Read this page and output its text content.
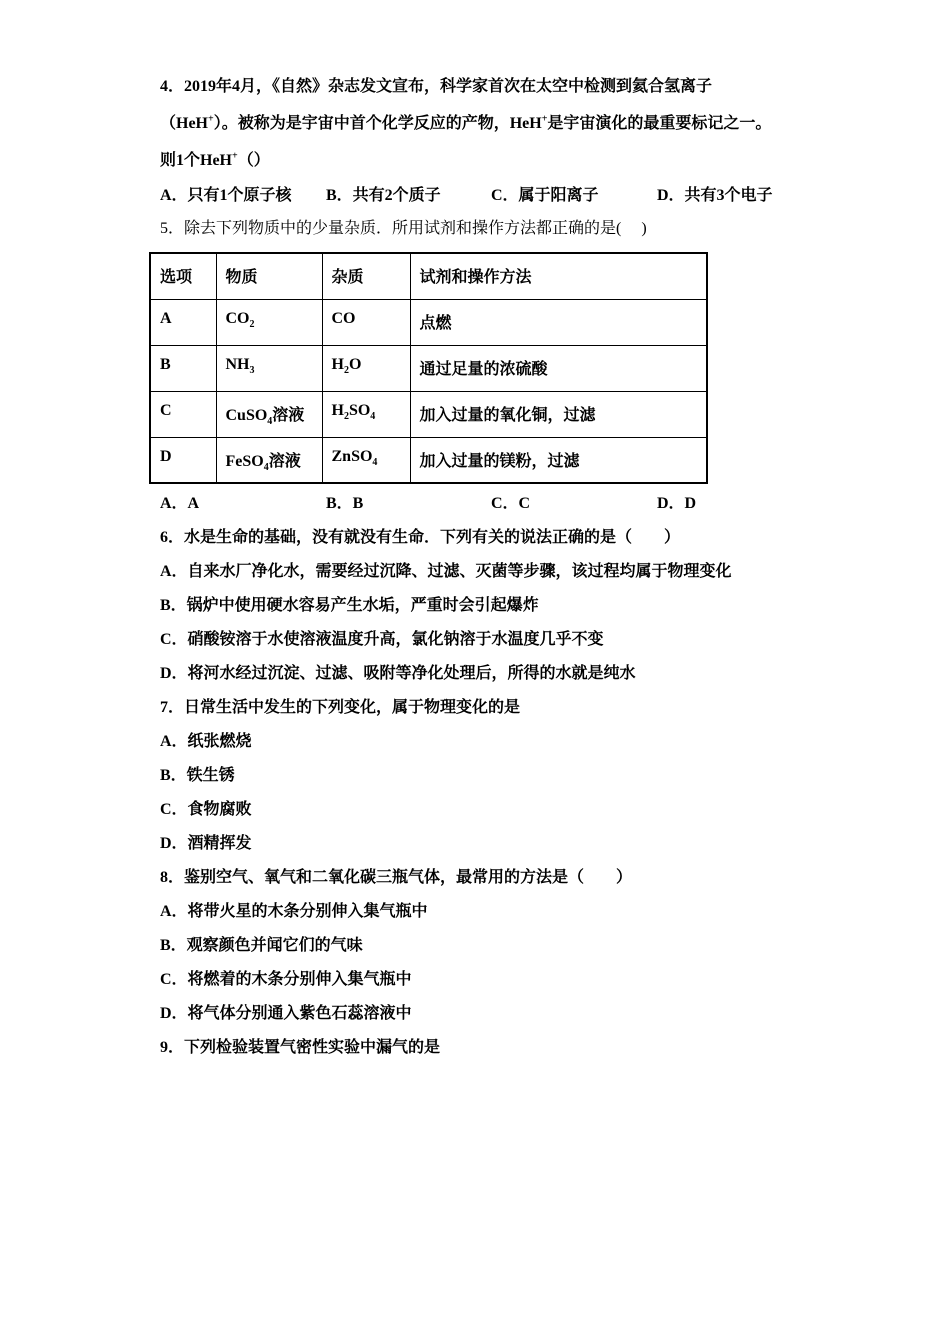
4．2019年4月，《自然》杂志发文宣布，科学家首次在太空中检测到氦合氢离子
（HeH+）。被称为是宇宙中首个化学反应的产物，HeH+是宇宙演化的最重要标记之一。
则1个HeH+（）
A．只有1个原子核 B．共有2个质子	C．属于阳离子	D．共有3个电子
5．除去下列物质中的少量杂质．所用试剂和操作方法都正确的是(　 )
选项	物质	杂质	试剂和操作方法
A	$CO_2$	CO	点燃
B	$NH_3$	$H_2O$	通过足量的浓硫酸
C	CuSO$_4$溶液	$H_2SO_4$	加入过量的氧化铜，过滤
D	FeSO$_4$溶液	ZnSO$_4$	加入过量的镁粉，过滤
A．A	B．B	C．C	D．D
6．水是生命的基础，没有就没有生命．下列有关的说法正确的是（　　）
A．自来水厂净化水，需要经过沉降、过滤、灭菌等步骤，该过程均属于物理变化
B．锅炉中使用硬水容易产生水垢，严重时会引起爆炸
C．硝酸铵溶于水使溶液温度升高，氯化钠溶于水温度几乎不变
D．将河水经过沉淀、过滤、吸附等净化处理后，所得的水就是纯水
7．日常生活中发生的下列变化，属于物理变化的是
A．纸张燃烧
B．铁生锈
C．食物腐败
D．酒精挥发
8．鉴别空气、氧气和二氧化碳三瓶气体，最常用的方法是（　　）
A．将带火星的木条分别伸入集气瓶中
B．观察颜色并闻它们的气味
C．将燃着的木条分别伸入集气瓶中
D．将气体分别通入紫色石蕊溶液中
9．下列检验装置气密性实验中漏气的是
